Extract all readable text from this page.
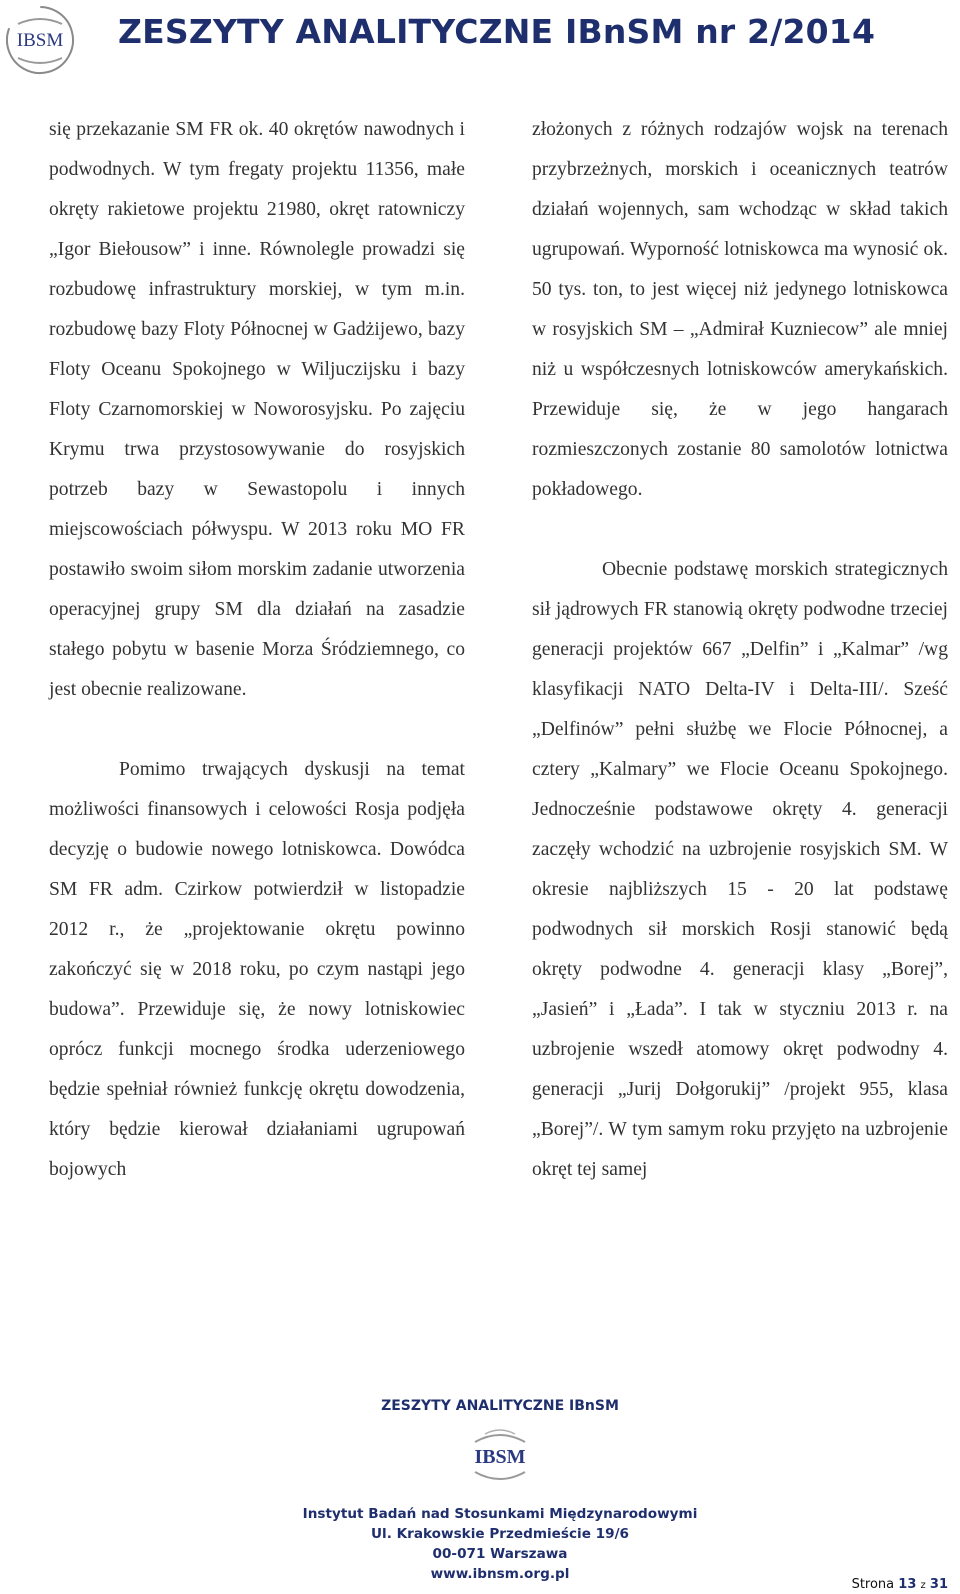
IBSM ZESZYTY ANALITYCZNE IBnSM nr 2/2014

się przekazanie SM FR ok. 40 okrętów nawodnych i podwodnych. W tym fregaty projektu 11356, małe okręty rakietowe projektu 21980, okręt ratowniczy „Igor Biełousow” i inne. Równolegle prowadzi się rozbudowę infrastruktury morskiej, w tym m.in. rozbudowę bazy Floty Północnej w Gadżijewo, bazy Floty Oceanu Spokojnego w Wiljuczijsku i bazy Floty Czarnomorskiej w Noworosyjsku. Po zajęciu Krymu trwa przystosowywanie do rosyjskich potrzeb bazy w Sewastopolu i innych miejscowościach półwyspu. W 2013 roku MO FR postawiło swoim siłom morskim zadanie utworzenia operacyjnej grupy SM dla działań na zasadzie stałego pobytu w basenie Morza Śródziemnego, co jest obecnie realizowane.

Pomimo trwających dyskusji na temat możliwości finansowych i celowości Rosja podjęła decyzję o budowie nowego lotniskowca. Dowódca SM FR adm. Czirkow potwierdził w listopadzie 2012 r., że „projektowanie okrętu powinno zakończyć się w 2018 roku, po czym nastąpi jego budowa”. Przewiduje się, że nowy lotniskowiec oprócz funkcji mocnego środka uderzeniowego będzie spełniał również funkcję okrętu dowodzenia, który będzie kierował działaniami ugrupowań bojowych

złożonych z różnych rodzajów wojsk na terenach przybrzeżnych, morskich i oceanicznych teatrów działań wojennych, sam wchodząc w skład takich ugrupowań. Wyporność lotniskowca ma wynosić ok. 50 tys. ton, to jest więcej niż jedynego lotniskowca w rosyjskich SM – „Admirał Kuzniecow” ale mniej niż u współczesnych lotniskowców amerykańskich. Przewiduje się, że w jego hangarach rozmieszczonych zostanie 80 samolotów lotnictwa pokładowego.

Obecnie podstawę morskich strategicznych sił jądrowych FR stanowią okręty podwodne trzeciej generacji projektów 667 „Delfin” i „Kalmar” /wg klasyfikacji NATO Delta-IV i Delta-III/. Sześć „Delfinów” pełni służbę we Flocie Północnej, a cztery „Kalmary” we Flocie Oceanu Spokojnego. Jednocześnie podstawowe okręty 4. generacji zaczęły wchodzić na uzbrojenie rosyjskich SM. W okresie najbliższych 15 - 20 lat podstawę podwodnych sił morskich Rosji stanowić będą okręty podwodne 4. generacji klasy „Borej”, „Jasień” i „Łada”. I tak w styczniu 2013 r. na uzbrojenie wszedł atomowy okręt podwodny 4. generacji „Jurij Dołgorukij” /projekt 955, klasa „Borej”/. W tym samym roku przyjęto na uzbrojenie okręt tej samej

ZESZYTY ANALITYCZNE IBnSM
IBSM
Instytut Badań nad Stosunkami Międzynarodowymi
Ul. Krakowskie Przedmieście 19/6
00-071 Warszawa
www.ibnsm.org.pl
Strona 13 z 31
